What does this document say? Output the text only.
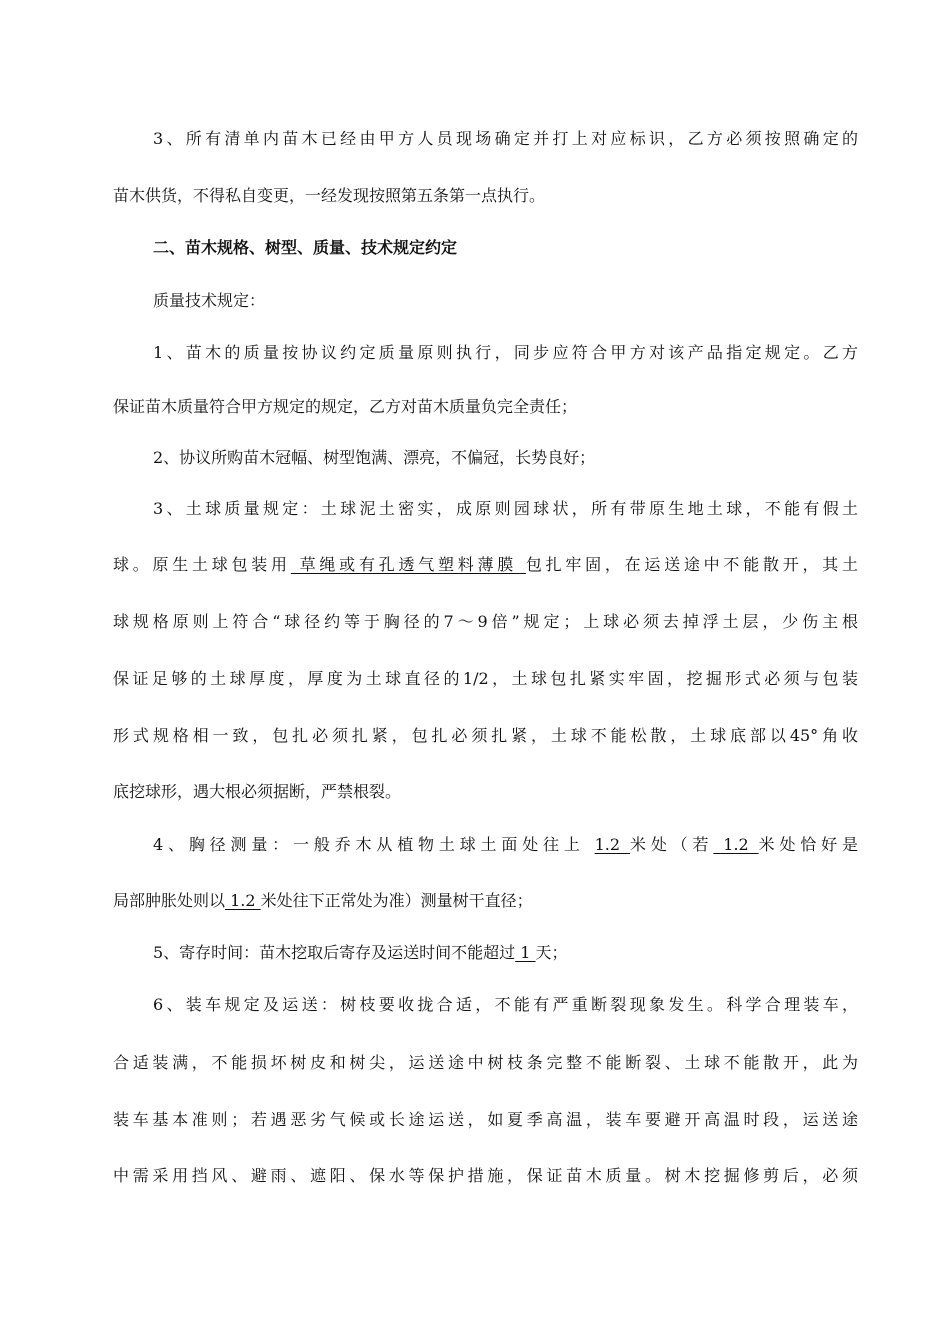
3、所有清单内苗木已经由甲方人员现场确定并打上对应标识，乙方必须按照确定的
苗木供货，不得私自变更，一经发现按照第五条第一点执行。
二、苗木规格、树型、质量、技术规定约定
质量技术规定：
1、苗木的质量按协议约定质量原则执行，同步应符合甲方对该产品指定规定。乙方
保证苗木质量符合甲方规定的规定，乙方对苗木质量负完全责任；
2、协议所购苗木冠幅、树型饱满、漂亮，不偏冠，长势良好；
3、土球质量规定：土球泥土密实，成原则园球状，所有带原生地土球，不能有假土
球。原生土球包装用 草绳或有孔透气塑料薄膜 包扎牢固，在运送途中不能散开，其土
球规格原则上符合“球径约等于胸径的7～9倍”规定；上球必须去掉浮土层，少伤主根
保证足够的土球厚度，厚度为土球直径的1/2，土球包扎紧实牢固，挖掘形式必须与包装
形式规格相一致，包扎必须扎紧，包扎必须扎紧，土球不能松散，土球底部以45°角收
底挖球形，遇大根必须据断，严禁根裂。
4、胸径测量：一般乔木从植物土球土面处往上 1.2 米处（若 1.2 米处恰好是
局部肿胀处则以 1.2 米处往下正常处为准）测量树干直径；
5、寄存时间：苗木挖取后寄存及运送时间不能超过 1 天；
6、装车规定及运送：树枝要收拢合适，不能有严重断裂现象发生。科学合理装车，
合适装满，不能损坏树皮和树尖，运送途中树枝条完整不能断裂、土球不能散开，此为
装车基本准则；若遇恶劣气候或长途运送，如夏季高温，装车要避开高温时段，运送途
中需采用挡风、避雨、遮阳、保水等保护措施，保证苗木质量。树木挖掘修剪后，必须
